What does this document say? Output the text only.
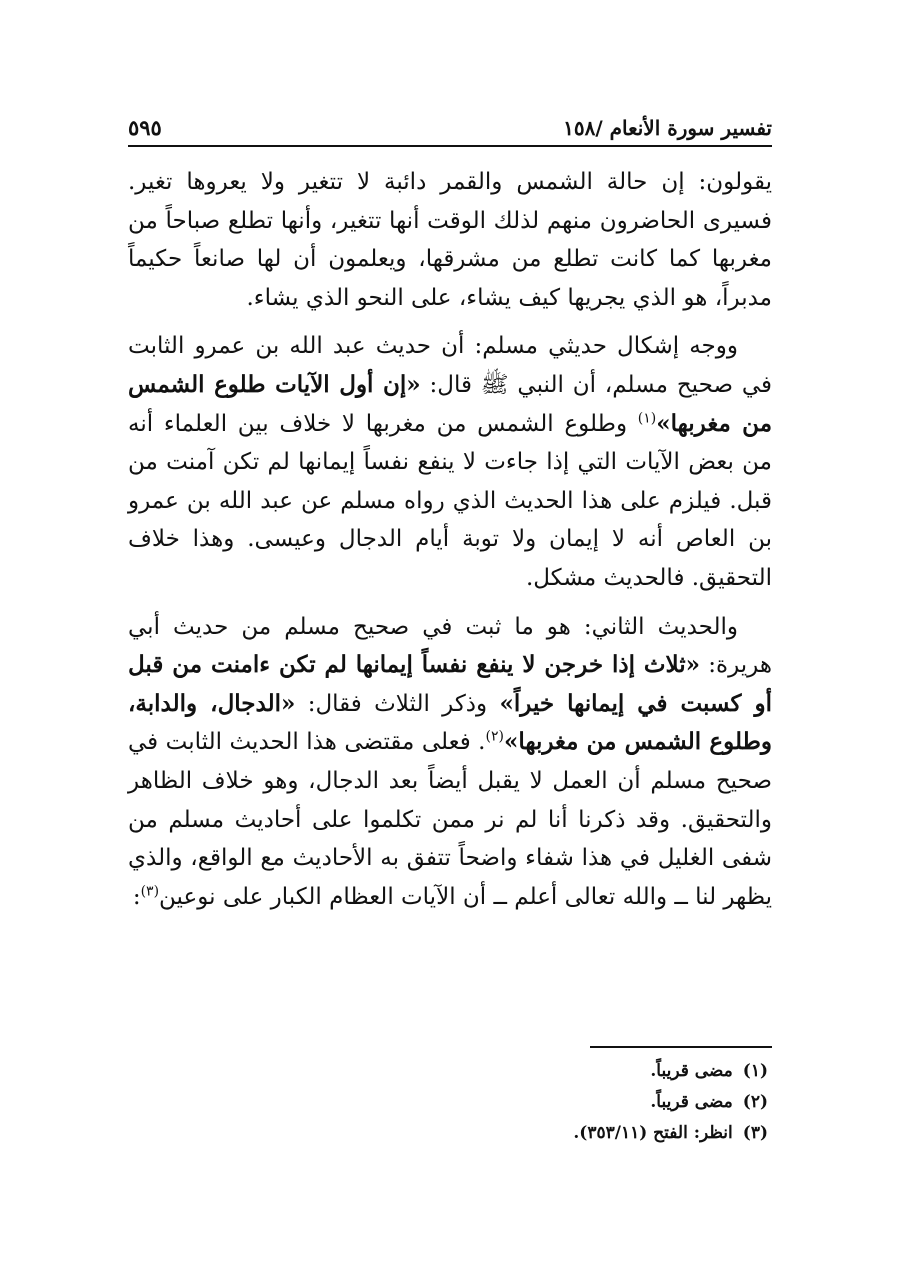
تفسير سورة الأنعام /١٥٨
٥٩٥

يقولون: إن حالة الشمس والقمر دائبة لا تتغير ولا يعروها تغير. فسيرى الحاضرون منهم لذلك الوقت أنها تتغير، وأنها تطلع صباحاً من مغربها كما كانت تطلع من مشرقها، ويعلمون أن لها صانعاً حكيماً مدبراً، هو الذي يجريها كيف يشاء، على النحو الذي يشاء.

ووجه إشكال حديثي مسلم: أن حديث عبد الله بن عمرو الثابت في صحيح مسلم، أن النبي ﷺ قال: «إن أول الآيات طلوع الشمس من مغربها»$^{(١)}$ وطلوع الشمس من مغربها لا خلاف بين العلماء أنه من بعض الآيات التي إذا جاءت لا ينفع نفساً إيمانها لم تكن آمنت من قبل. فيلزم على هذا الحديث الذي رواه مسلم عن عبد الله بن عمرو بن العاص أنه لا إيمان ولا توبة أيام الدجال وعيسى. وهذا خلاف التحقيق. فالحديث مشكل.

والحديث الثاني: هو ما ثبت في صحيح مسلم من حديث أبي هريرة: «ثلاث إذا خرجن لا ينفع نفساً إيمانها لم تكن ءامنت من قبل أو كسبت في إيمانها خيراً» وذكر الثلاث فقال: «الدجال، والدابة، وطلوع الشمس من مغربها»$^{(٢)}$. فعلى مقتضى هذا الحديث الثابت في صحيح مسلم أن العمل لا يقبل أيضاً بعد الدجال، وهو خلاف الظاهر والتحقيق. وقد ذكرنا أنا لم نر ممن تكلموا على أحاديث مسلم من شفى الغليل في هذا شفاء واضحاً تتفق به الأحاديث مع الواقع، والذي يظهر لنا ــ والله تعالى أعلم ــ أن الآيات العظام الكبار على نوعين$^{(٣)}$:

(١)
مضى قريباً.
(٢)
مضى قريباً.
(٣)
انظر: الفتح (٣٥٣/١١).
